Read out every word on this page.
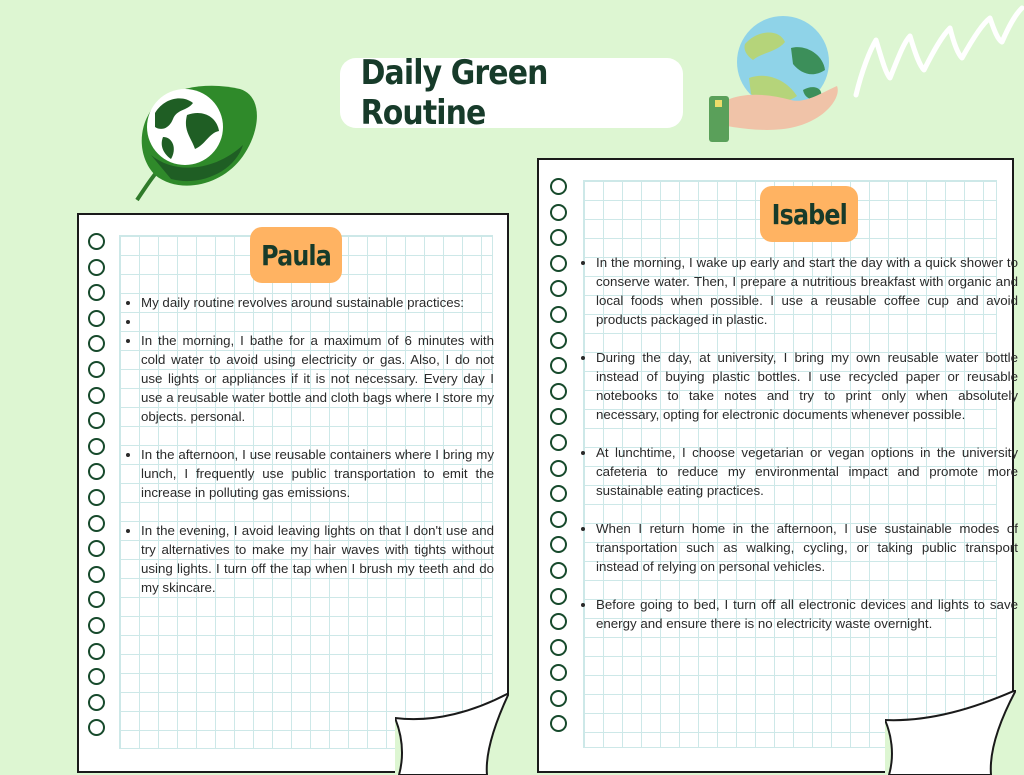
Daily Green Routine
Paula
• My daily routine revolves around sustainable practices:
•
• In the morning, I bathe for a maximum of 6 minutes with cold water to avoid using electricity or gas. Also, I do not use lights or appliances if it is not necessary. Every day I use a reusable water bottle and cloth bags where I store my objects. personal.
• In the afternoon, I use reusable containers where I bring my lunch, I frequently use public transportation to emit the increase in polluting gas emissions.
• In the evening, I avoid leaving lights on that I don't use and try alternatives to make my hair waves with tights without using lights. I turn off the tap when I brush my teeth and do my skincare.
Isabel
• In the morning, I wake up early and start the day with a quick shower to conserve water. Then, I prepare a nutritious breakfast with organic and local foods when possible. I use a reusable coffee cup and avoid products packaged in plastic.
• During the day, at university, I bring my own reusable water bottle instead of buying plastic bottles. I use recycled paper or reusable notebooks to take notes and try to print only when absolutely necessary, opting for electronic documents whenever possible.
• At lunchtime, I choose vegetarian or vegan options in the university cafeteria to reduce my environmental impact and promote more sustainable eating practices.
• When I return home in the afternoon, I use sustainable modes of transportation such as walking, cycling, or taking public transport instead of relying on personal vehicles.
• Before going to bed, I turn off all electronic devices and lights to save energy and ensure there is no electricity waste overnight.
